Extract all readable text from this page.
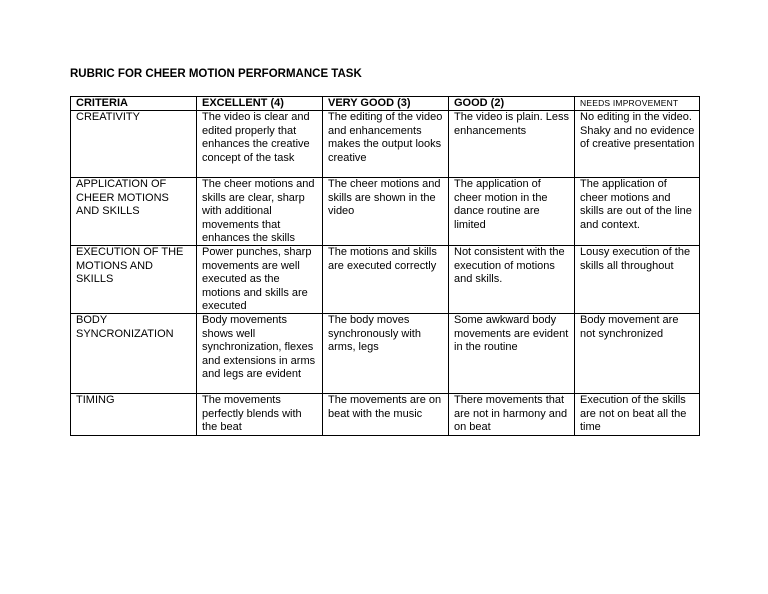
RUBRIC FOR CHEER MOTION PERFORMANCE TASK
CRITERIA	EXCELLENT (4)	VERY GOOD (3)	GOOD (2)	NEEDS IMPROVEMENT
CREATIVITY	The video is clear and edited properly that enhances the creative concept of the task	The editing of the video and enhancements makes the output looks creative	The video is plain. Less enhancements	No editing in the video. Shaky and no evidence of creative presentation
APPLICATION OF CHEER MOTIONS AND SKILLS	The cheer motions and skills are clear, sharp with additional movements that enhances the skills	The cheer motions and skills are shown in the video	The application of cheer motion in the dance routine are limited	The application of cheer motions and skills are out of the line and context.
EXECUTION OF THE MOTIONS AND SKILLS	Power punches, sharp movements are well executed as the motions and skills are executed	The motions and skills are executed correctly	Not consistent with the execution of motions and skills.	Lousy execution of the skills all throughout
BODY SYNCRONIZATION	Body movements shows well synchronization, flexes and extensions in arms and legs are evident	The body moves synchronously with arms, legs	Some awkward body movements are evident in the routine	Body movement are not synchronized
TIMING	The movements perfectly blends with the beat	The movements are on beat with the music	There movements that are not in harmony and on beat	Execution of the skills are not on beat all the time
